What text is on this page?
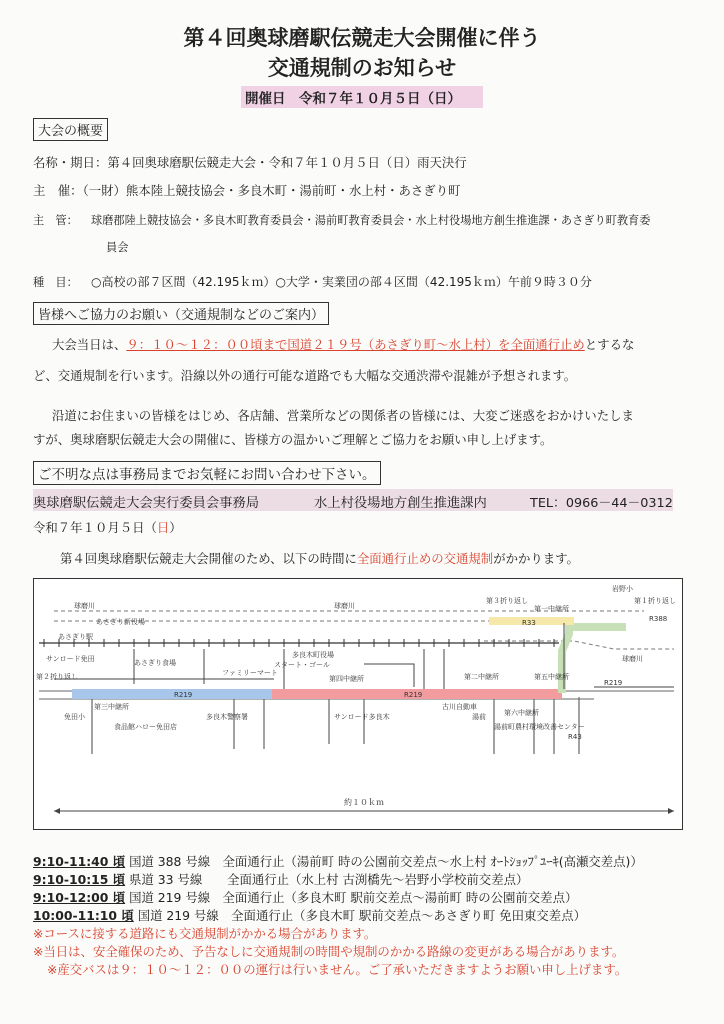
第４回奥球磨駅伝競走大会開催に伴う
交通規制のお知らせ
開催日　令和７年１０月５日（日）
大会の概要
名称・期日：第４回奥球磨駅伝競走大会・令和７年１０月５日（日）雨天決行
主　催：（一財）熊本陸上競技協会・多良木町・湯前町・水上村・あさぎり町
主　管： 球磨郡陸上競技協会・多良木町教育委員会・湯前町教育委員会・水上村役場地方創生推進課・あさぎり町教育委
員会
種　目： ○高校の部７区間（42.195ｋｍ）○大学・実業団の部４区間（42.195ｋｍ）午前９時３０分
皆様へご協力のお願い（交通規制などのご案内）
大会当日は、９：１０～１２：００頃まで国道２１９号（あさぎり町～水上村）を全面通行止めとするな
ど、交通規制を行います。沿線以外の通行可能な道路でも大幅な交通渋滞や混雑が予想されます。
沿道にお住まいの皆様をはじめ、各店舗、営業所などの関係者の皆様には、大変ご迷惑をおかけいたしま
すが、奥球磨駅伝競走大会の開催に、皆様方の温かいご理解とご協力をお願い申し上げます。
ご不明な点は事務局までお気軽にお問い合わせ下さい。
奥球磨駅伝競走大会実行委員会事務局	水上村役場地方創生推進課内	TEL：0966－44－0312
令和７年１０月５日（日）
第４回奥球磨駅伝競走大会開催のため、以下の時間に全面通行止めの交通規制がかかります。
球磨川	球磨川
球磨川
あさぎり駅
あさぎり新役場
サンロード免田	あさぎり食場
ファミリーマート
スタート・ゴール
多良木町役場
第四中継所
第三中継所
第二中継所	第五中継所
第六中継所
第一中継所
免田小
食品館ハロー免田店
多良木警察署	サンロード多良木
古川自動車
湯前町農村環境改善センター
湯前
岩野小
R219	R219
R219
R388
R33
R43
第２折り返し
第３折り返し	第１折り返し
約１０ｋｍ
9:10-11:40 頃 国道 388 号線　全面通行止（湯前町 時の公園前交差点～水上村 ｵｰﾄｼｮｯﾌﾟﾕｰｷ(高瀬交差点)）
9:10-10:15 頃 県道 33 号線　　全面通行止（水上村 古渕橋先～岩野小学校前交差点）
9:10-12:00 頃 国道 219 号線　全面通行止（多良木町 駅前交差点～湯前町 時の公園前交差点）
10:00-11:10 頃 国道 219 号線　全面通行止（多良木町 駅前交差点～あさぎり町 免田東交差点）
※コースに接する道路にも交通規制がかかる場合があります。
※当日は、安全確保のため、予告なしに交通規制の時間や規制のかかる路線の変更がある場合があります。
※産交バスは９：１０～１２：００の運行は行いません。ご了承いただきますようお願い申し上げます。
